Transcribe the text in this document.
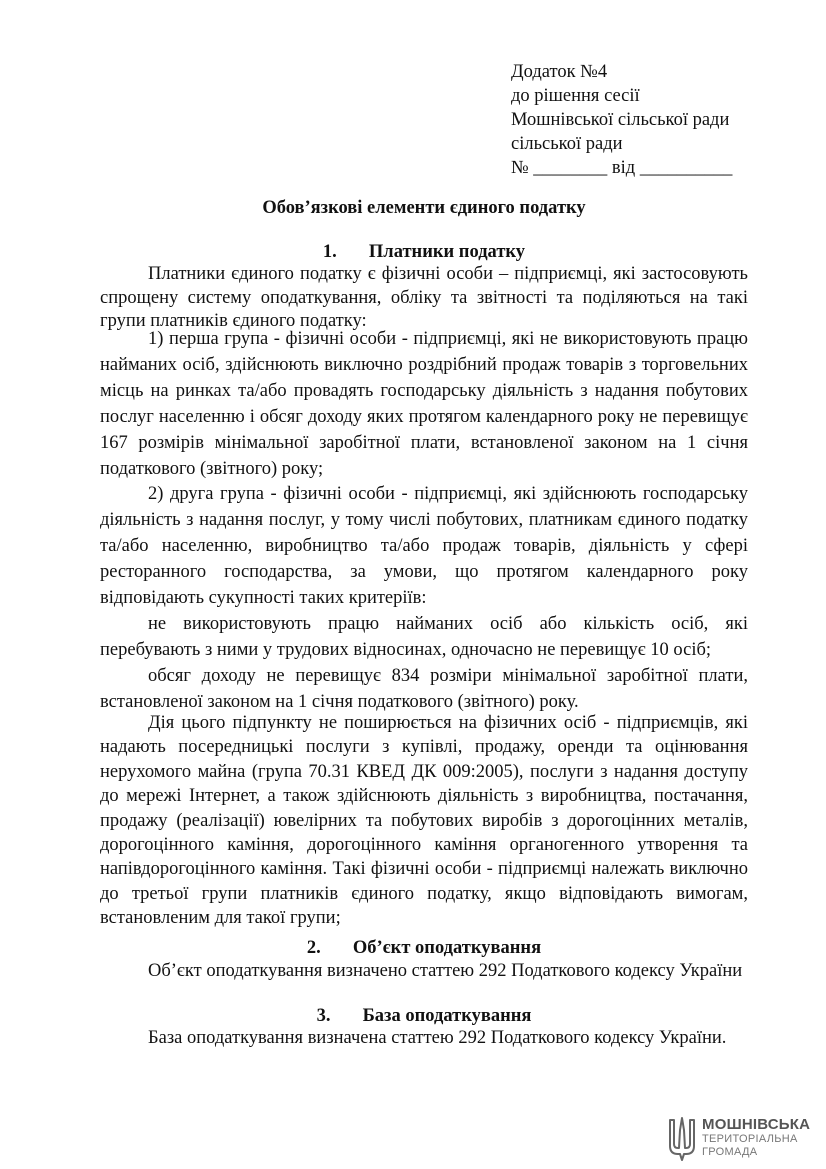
Додаток №4
до рішення сесії
Мошнівської сільської ради
сільської ради
№ ________ від __________
Обов’язкові елементи єдиного податку
1. Платники податку

Платники єдиного податку є фізичні особи – підприємці, які застосовують спрощену систему оподаткування, обліку та звітності та поділяються на такі групи платників єдиного податку:

1) перша група - фізичні особи - підприємці, які не використовують працю найманих осіб, здійснюють виключно роздрібний продаж товарів з торговельних місць на ринках та/або провадять господарську діяльність з надання побутових послуг населенню і обсяг доходу яких протягом календарного року не перевищує 167 розмірів мінімальної заробітної плати, встановленої законом на 1 січня податкового (звітного) року;

2) друга група - фізичні особи - підприємці, які здійснюють господарську діяльність з надання послуг, у тому числі побутових, платникам єдиного податку та/або населенню, виробництво та/або продаж товарів, діяльність у сфері ресторанного господарства, за умови, що протягом календарного року відповідають сукупності таких критеріїв:

не використовують працю найманих осіб або кількість осіб, які перебувають з ними у трудових відносинах, одночасно не перевищує 10 осіб;

обсяг доходу не перевищує 834 розміри мінімальної заробітної плати, встановленої законом на 1 січня податкового (звітного) року.

Дія цього підпункту не поширюється на фізичних осіб - підприємців, які надають посередницькі послуги з купівлі, продажу, оренди та оцінювання нерухомого майна (група 70.31 КВЕД ДК 009:2005), послуги з надання доступу до мережі Інтернет, а також здійснюють діяльність з виробництва, постачання, продажу (реалізації) ювелірних та побутових виробів з дорогоцінних металів, дорогоцінного каміння, дорогоцінного каміння органогенного утворення та напівдорогоцінного каміння. Такі фізичні особи - підприємці належать виключно до третьої групи платників єдиного податку, якщо відповідають вимогам, встановленим для такої групи;

2. Об’єкт оподаткування

Об’єкт оподаткування визначено статтею 292 Податкового кодексу України

3. База оподаткування

База оподаткування визначена статтею 292 Податкового кодексу України.

МОШНІВСЬКА
ТЕРИТОРІАЛЬНА
ГРОМАДА
